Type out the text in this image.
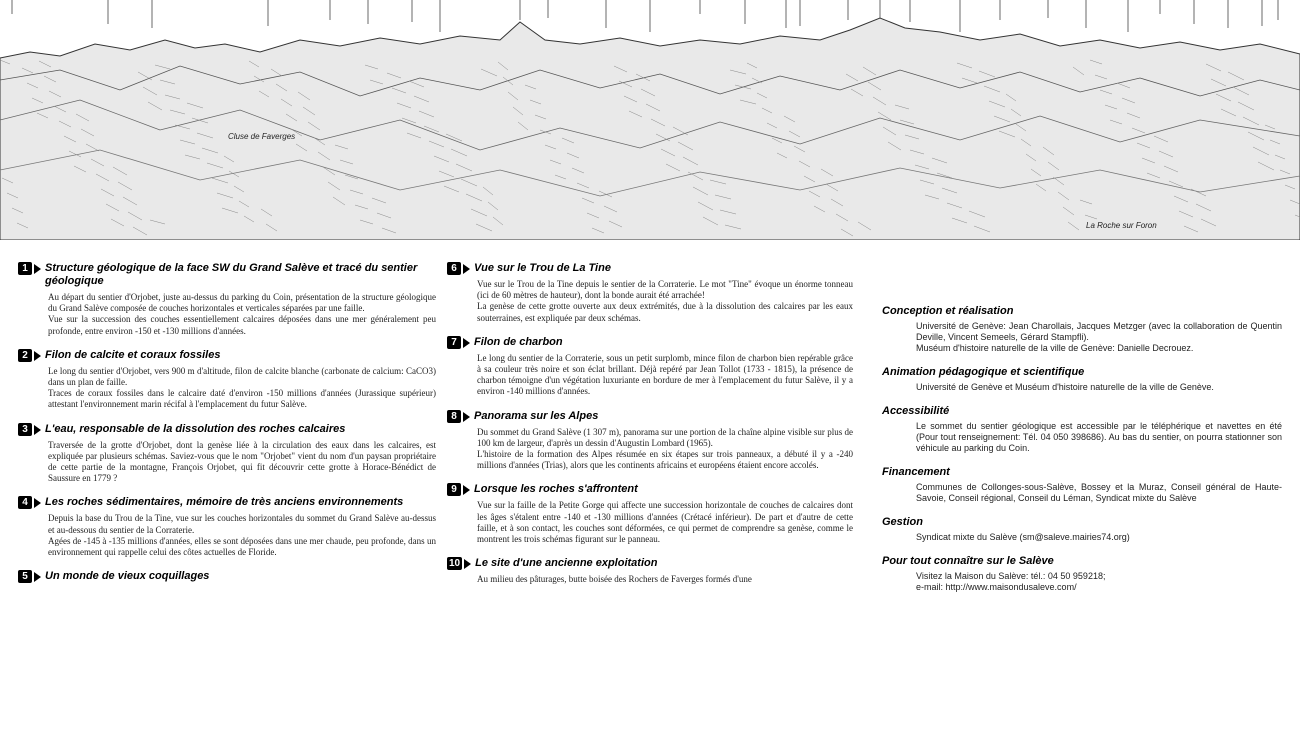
Cluse de Faverges
La Roche sur Foron
1	Structure géologique de la face SW du Grand Salève et tracé du sentier géologique

Au départ du sentier d'Orjobet, juste au-dessus du parking du Coin, présentation de la structure géologique du Grand Salève composée de couches horizontales et verticales séparées par une faille.

Vue sur la succession des couches essentiellement calcaires déposées dans une mer généralement peu profonde, entre environ -150 et -130 millions d'années.

2	Filon de calcite et coraux fossiles

Le long du sentier d'Orjobet, vers 900 m d'altitude, filon de calcite blanche (carbonate de calcium: CaCO3) dans un plan de faille.

Traces de coraux fossiles dans le calcaire daté d'environ -150 millions d'années (Jurassique supérieur) attestant l'environnement marin récifal à l'emplacement du futur Salève.

3	L'eau, responsable de la dissolution des roches calcaires

Traversée de la grotte d'Orjobet, dont la genèse liée à la circulation des eaux dans les calcaires, est expliquée par plusieurs schémas. Saviez-vous que le nom "Orjobet" vient du nom d'un paysan propriétaire de cette partie de la montagne, François Orjobet, qui fit découvrir cette grotte à Horace-Bénédict de Saussure en 1779 ?

4	Les roches sédimentaires, mémoire de très anciens environnements

Depuis la base du Trou de la Tine, vue sur les couches horizontales du sommet du Grand Salève au-dessus et au-dessous du sentier de la Corraterie.

Agées de -145 à -135 millions d'années, elles se sont déposées dans une mer chaude, peu profonde, dans un environnement qui rappelle celui des côtes actuelles de Floride.

5	Un monde de vieux coquillages
6	Vue sur le Trou de La Tine

Vue sur le Trou de la Tine depuis le sentier de la Corraterie. Le mot "Tine" évoque un énorme tonneau (ici de 60 mètres de hauteur), dont la bonde aurait été arrachée!

La genèse de cette grotte ouverte aux deux extrémités, due à la dissolution des calcaires par les eaux souterraines, est expliquée par deux schémas.

7	Filon de charbon

Le long du sentier de la Corraterie, sous un petit surplomb, mince filon de charbon bien repérable grâce à sa couleur très noire et son éclat brillant. Déjà repéré par Jean Tollot (1733 - 1815), la présence de charbon témoigne d'un végétation luxuriante en bordure de mer à l'emplacement du futur Salève, il y a environ -140 millions d'années.

8	Panorama sur les Alpes

Du sommet du Grand Salève (1 307 m), panorama sur une portion de la chaîne alpine visible sur plus de 100 km de largeur, d'après un dessin d'Augustin Lombard (1965).

L'histoire de la formation des Alpes résumée en six étapes sur trois panneaux, a débuté il y a -240 millions d'années (Trias), alors que les continents africains et européens étaient encore accolés.

9	Lorsque les roches s'affrontent

Vue sur la faille de la Petite Gorge qui affecte une succession horizontale de couches de calcaires dont les âges s'étalent entre -140 et -130 millions d'années (Crétacé inférieur). De part et d'autre de cette faille, et à son contact, les couches sont déformées, ce qui permet de comprendre sa genèse, comme le montrent les trois schémas figurant sur le panneau.

10 Le site d'une ancienne exploitation

Au milieu des pâturages, butte boisée des Rochers de Faverges formés d'une

Conception et réalisation

Université de Genève: Jean Charollais, Jacques Metzger (avec la collaboration de Quentin Deville, Vincent Semeels, Gérard Stampfli).

Muséum d'histoire naturelle de la ville de Genève: Danielle Decrouez.

Animation pédagogique et scientifique

Université de Genève et Muséum d'histoire naturelle de la ville de Genève.

Accessibilité

Le sommet du sentier géologique est accessible par le téléphérique et navettes en été (Pour tout renseignement: Tél. 04 050 398686). Au bas du sentier, on pourra stationner son véhicule au parking du Coin.

Financement

Communes de Collonges-sous-Salève, Bossey et la Muraz, Conseil général de Haute-Savoie, Conseil régional, Conseil du Léman, Syndicat mixte du Salève

Gestion

Syndicat mixte du Salève (sm@saleve.mairies74.org)

Pour tout connaître sur le Salève

Visitez la Maison du Salève: tél.: 04 50 959218;

e-mail: http://www.maisondusaleve.com/
